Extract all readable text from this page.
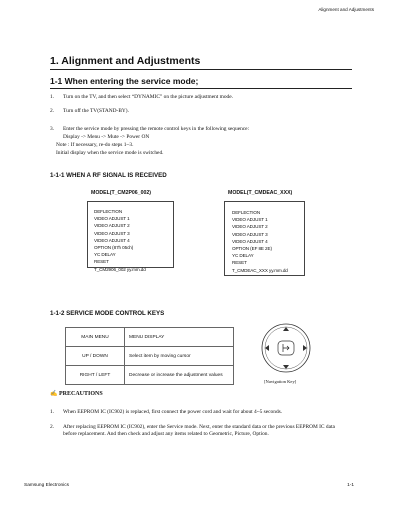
Alignment and Adjustments
1. Alignment and Adjustments
1-1 When entering the service mode;
1. Turn on the TV, and then select “DYNAMIC” on the picture adjustment mode.
2. Turn off the TV(STAND-BY).
3. Enter the service mode by pressing the remote control keys in the following sequence:
Display -> Menu -> Mute -> Power ON
Note : If necessary, re-do steps 1~3.
Initial display when the service mode is switched.
1-1-1 WHEN A RF SIGNAL IS RECEIVED
MODEL(T_CM2P06_002)	MODEL(T_CMDEAC_XXX)
DEFLECTION
VIDEO ADJUST 1
VIDEO ADJUST 2
VIDEO ADJUST 3
VIDEO ADJUST 4
OPTION (87h 05ch)
YC DELAY
RESET
T_CM2906_002 yy.mm.dd
DEFLECTION
VIDEO ADJUST 1
VIDEO ADJUST 2
VIDEO ADJUST 3
VIDEO ADJUST 4
OPTION (EF 8E 2E)
YC DELAY
RESET
T_CMDEAC_XXX yy.mm.dd
1-1-2 SERVICE MODE CONTROL KEYS
MAIN MENU	MENU DISPLAY
UP / DOWN	Select item by moving cursor
RIGHT / LEFT	Decrease or increase the adjustment values
[Navigation Key]
✍ PRECAUTIONS
1. When EEPROM IC (IC902) is replaced, first connect the power cord and wait for about 4~5 seconds.
2.	After replacing EEPROM IC (IC902), enter the Service mode. Next, enter the standard data or the previous EEPROM IC data before replacement. And then check and adjust any items related to Geometric, Picture, Option.
Samsung Electronics	1-1
